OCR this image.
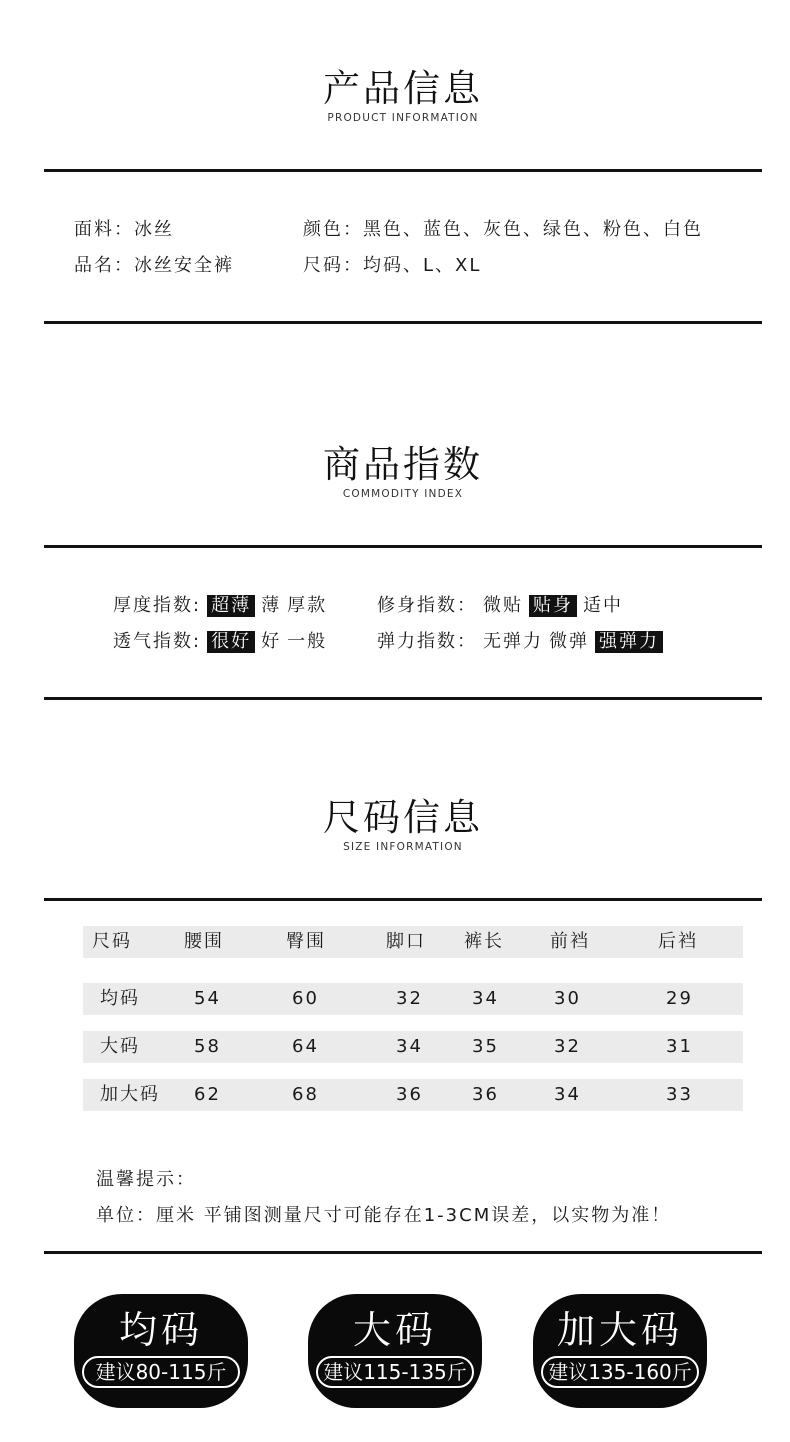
产品信息
PRODUCT INFORMATION
面料：冰丝	颜色：黑色、蓝色、灰色、绿色、粉色、白色
品名：冰丝安全裤	尺码：均码、L、XL
商品指数
COMMODITY INDEX
厚度指数: 超薄 薄 厚款	修身指数： 微贴 贴身 适中
透气指数: 很好 好 一般	弹力指数： 无弹力 微弹 强弹力
尺码信息
SIZE INFORMATION
尺码	腰围	臀围	脚口 裤长	前裆	后裆
均码	54	60	32	34	30	29
大码	58	64	34	35	32	31
加大码 62	68	36	36	34	33
温馨提示：
单位：厘米 平铺图测量尺寸可能存在1-3CM误差，以实物为准！
均码
建议80-115斤
大码
建议115-135斤
加大码
建议135-160斤
